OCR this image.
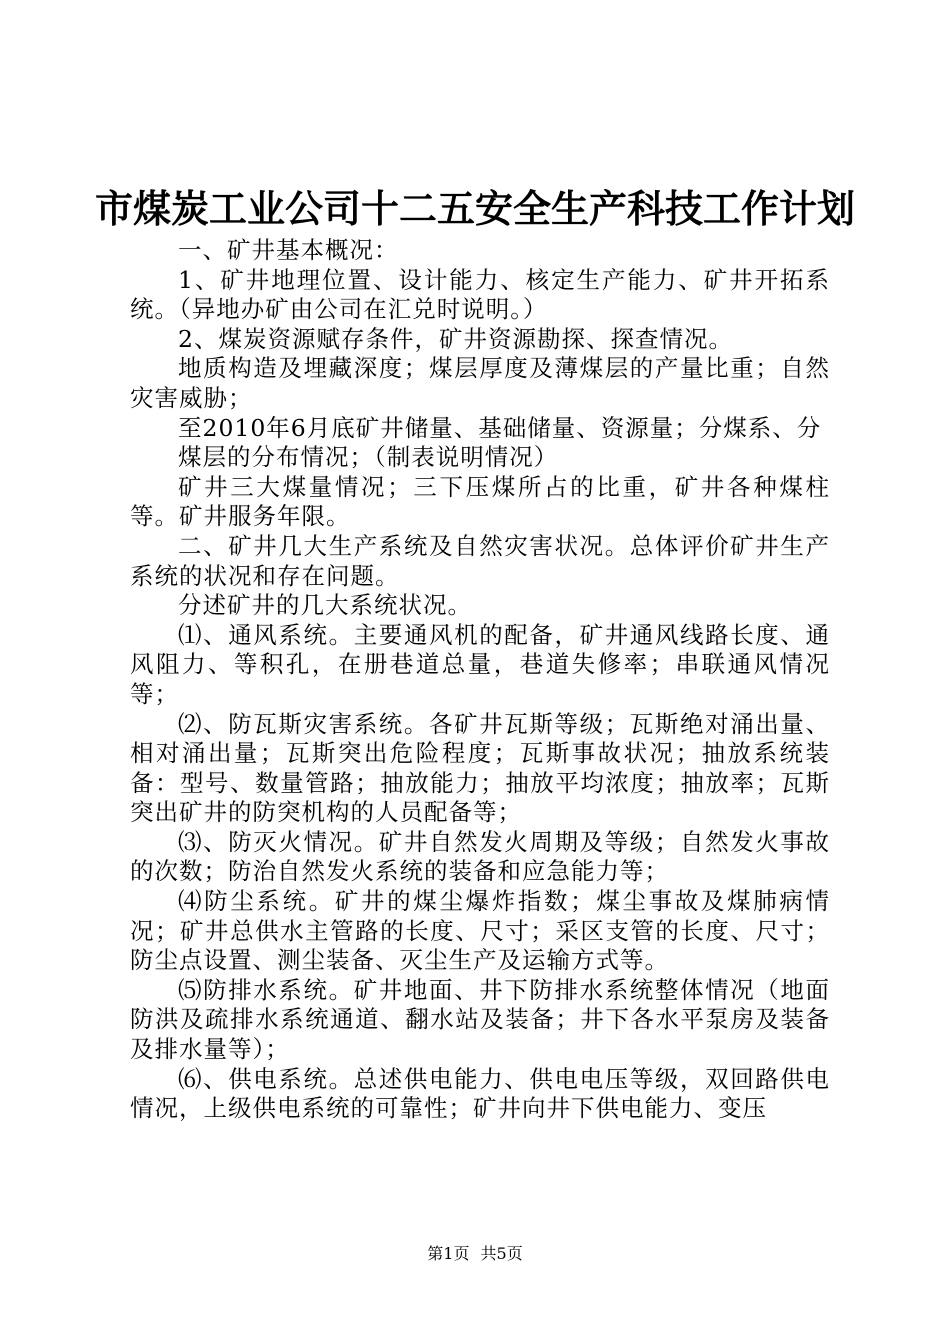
市煤炭工业公司十二五安全生产科技工作计划

一、矿井基本概况：

1、矿井地理位置、设计能力、核定生产能力、矿井开拓系统。（异地办矿由公司在汇兑时说明。）

2、煤炭资源赋存条件，矿井资源勘探、探查情况。

地质构造及埋藏深度；煤层厚度及薄煤层的产量比重；自然灾害威胁；

至2010年6月底矿井储量、基础储量、资源量；分煤系、分

煤层的分布情况；（制表说明情况）

矿井三大煤量情况；三下压煤所占的比重，矿井各种煤柱等。矿井服务年限。

二、矿井几大生产系统及自然灾害状况。总体评价矿井生产系统的状况和存在问题。

分述矿井的几大系统状况。

⑴、通风系统。主要通风机的配备，矿井通风线路长度、通风阻力、等积孔，在册巷道总量，巷道失修率；串联通风情况等；

⑵、防瓦斯灾害系统。各矿井瓦斯等级；瓦斯绝对涌出量、相对涌出量；瓦斯突出危险程度；瓦斯事故状况；抽放系统装备：型号、数量管路；抽放能力；抽放平均浓度；抽放率；瓦斯突出矿井的防突机构的人员配备等；

⑶、防灭火情况。矿井自然发火周期及等级；自然发火事故的次数；防治自然发火系统的装备和应急能力等；

⑷防尘系统。矿井的煤尘爆炸指数；煤尘事故及煤肺病情况；矿井总供水主管路的长度、尺寸；采区支管的长度、尺寸；防尘点设置、测尘装备、灭尘生产及运输方式等。

⑸防排水系统。矿井地面、井下防排水系统整体情况（地面防洪及疏排水系统通道、翻水站及装备；井下各水平泵房及装备及排水量等）；

⑹、供电系统。总述供电能力、供电电压等级，双回路供电情况，上级供电系统的可靠性；矿井向井下供电能力、变压

第1页 共5页
